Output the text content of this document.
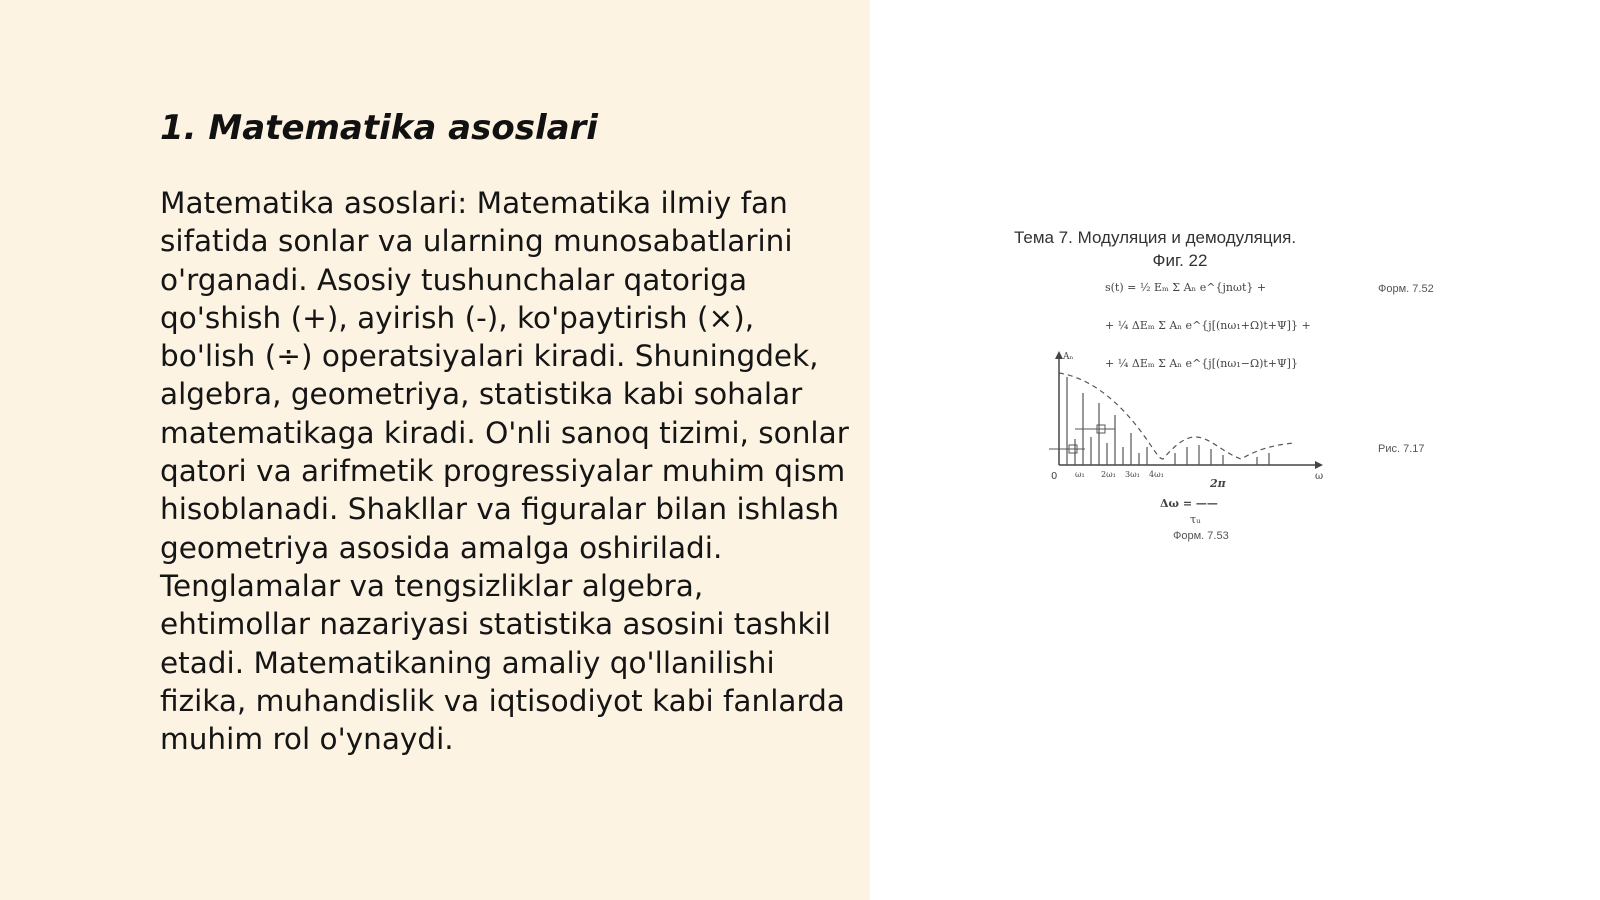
1. Matematika asoslari

Matematika asoslari: Matematika ilmiy fan sifatida sonlar va ularning munosabatlarini o'rganadi. Asosiy tushunchalar qatoriga qo'shish (+), ayirish (-), ko'paytirish (×), bo'lish (÷) operatsiyalari kiradi. Shuningdek, algebra, geometriya, statistika kabi sohalar matematikaga kiradi. O'nli sanoq tizimi, sonlar qatori va arifmetik progressiyalar muhim qism hisoblanadi. Shakllar va figuralar bilan ishlash geometriya asosida amalga oshiriladi. Tenglamalar va tengsizliklar algebra, ehtimollar nazariyasi statistika asosini tashkil etadi. Matematikaning amaliy qo'llanilishi fizika, muhandislik va iqtisodiyot kabi fanlarda muhim rol o'ynaydi.

Тема 7. Модуляция и демодуляция.
Фиг. 22
s(t) = ½ Eₘ Σ Aₙ e^{jnωt} +
+ ¼ ΔEₘ Σ Aₙ e^{j[(nω₁+Ω)t+Ψ]} +
+ ¼ ΔEₘ Σ Aₙ e^{j[(nω₁−Ω)t+Ψ]}
Форм. 7.52
Рис. 7.17
Aₙ
0	ω
ω₁ 2ω₁ 3ω₁ 4ω₁
2π
Δω = ——
τᵤ
Форм. 7.53
